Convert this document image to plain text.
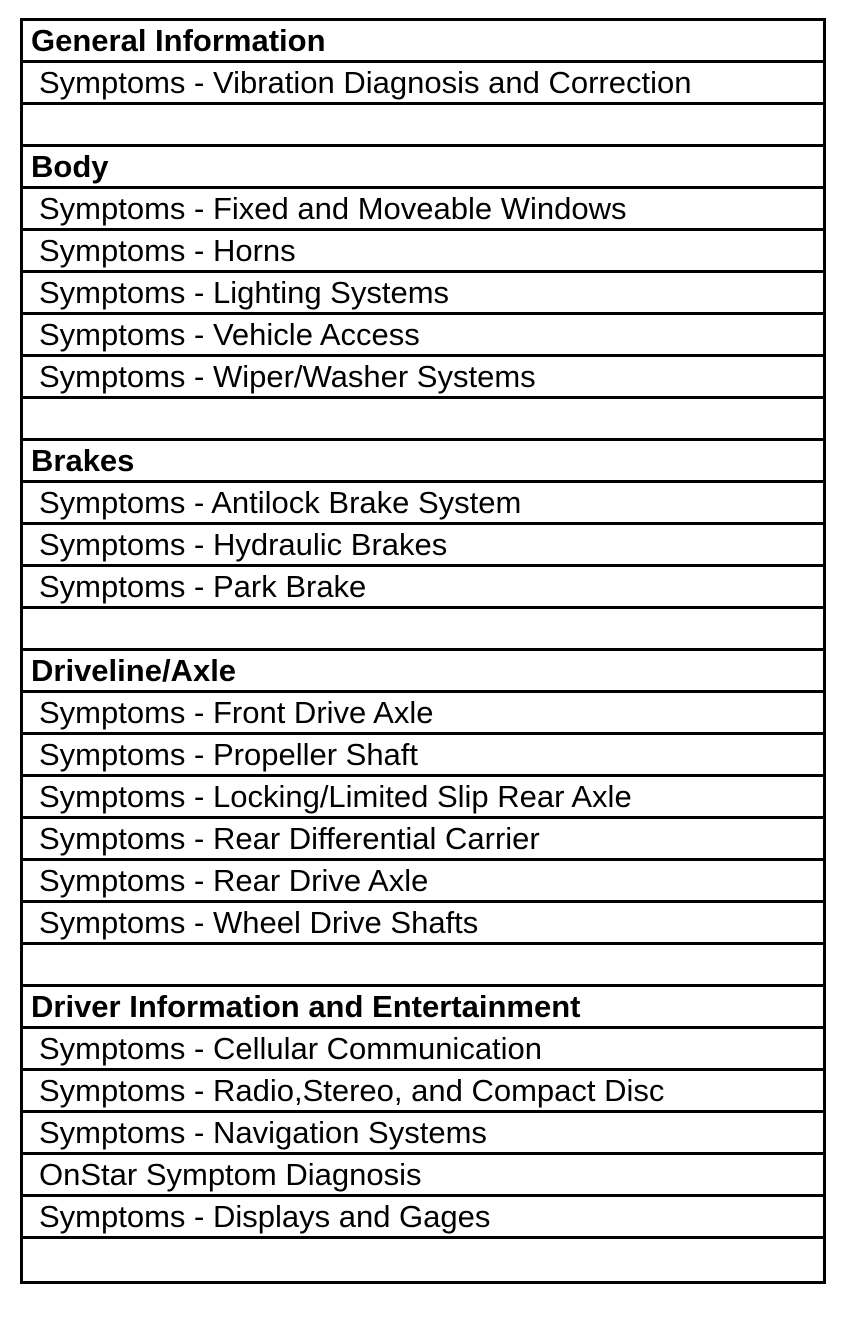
General Information
Symptoms - Vibration Diagnosis and Correction
Body
Symptoms - Fixed and Moveable Windows
Symptoms - Horns
Symptoms - Lighting Systems
Symptoms - Vehicle Access
Symptoms - Wiper/Washer Systems
Brakes
Symptoms - Antilock Brake System
Symptoms - Hydraulic Brakes
Symptoms - Park Brake
Driveline/Axle
Symptoms - Front Drive Axle
Symptoms - Propeller Shaft
Symptoms - Locking/Limited Slip Rear Axle
Symptoms - Rear Differential Carrier
Symptoms - Rear Drive Axle
Symptoms - Wheel Drive Shafts
Driver Information and Entertainment
Symptoms - Cellular Communication
Symptoms - Radio,Stereo, and Compact Disc
Symptoms - Navigation Systems
OnStar Symptom Diagnosis
Symptoms - Displays and Gages
